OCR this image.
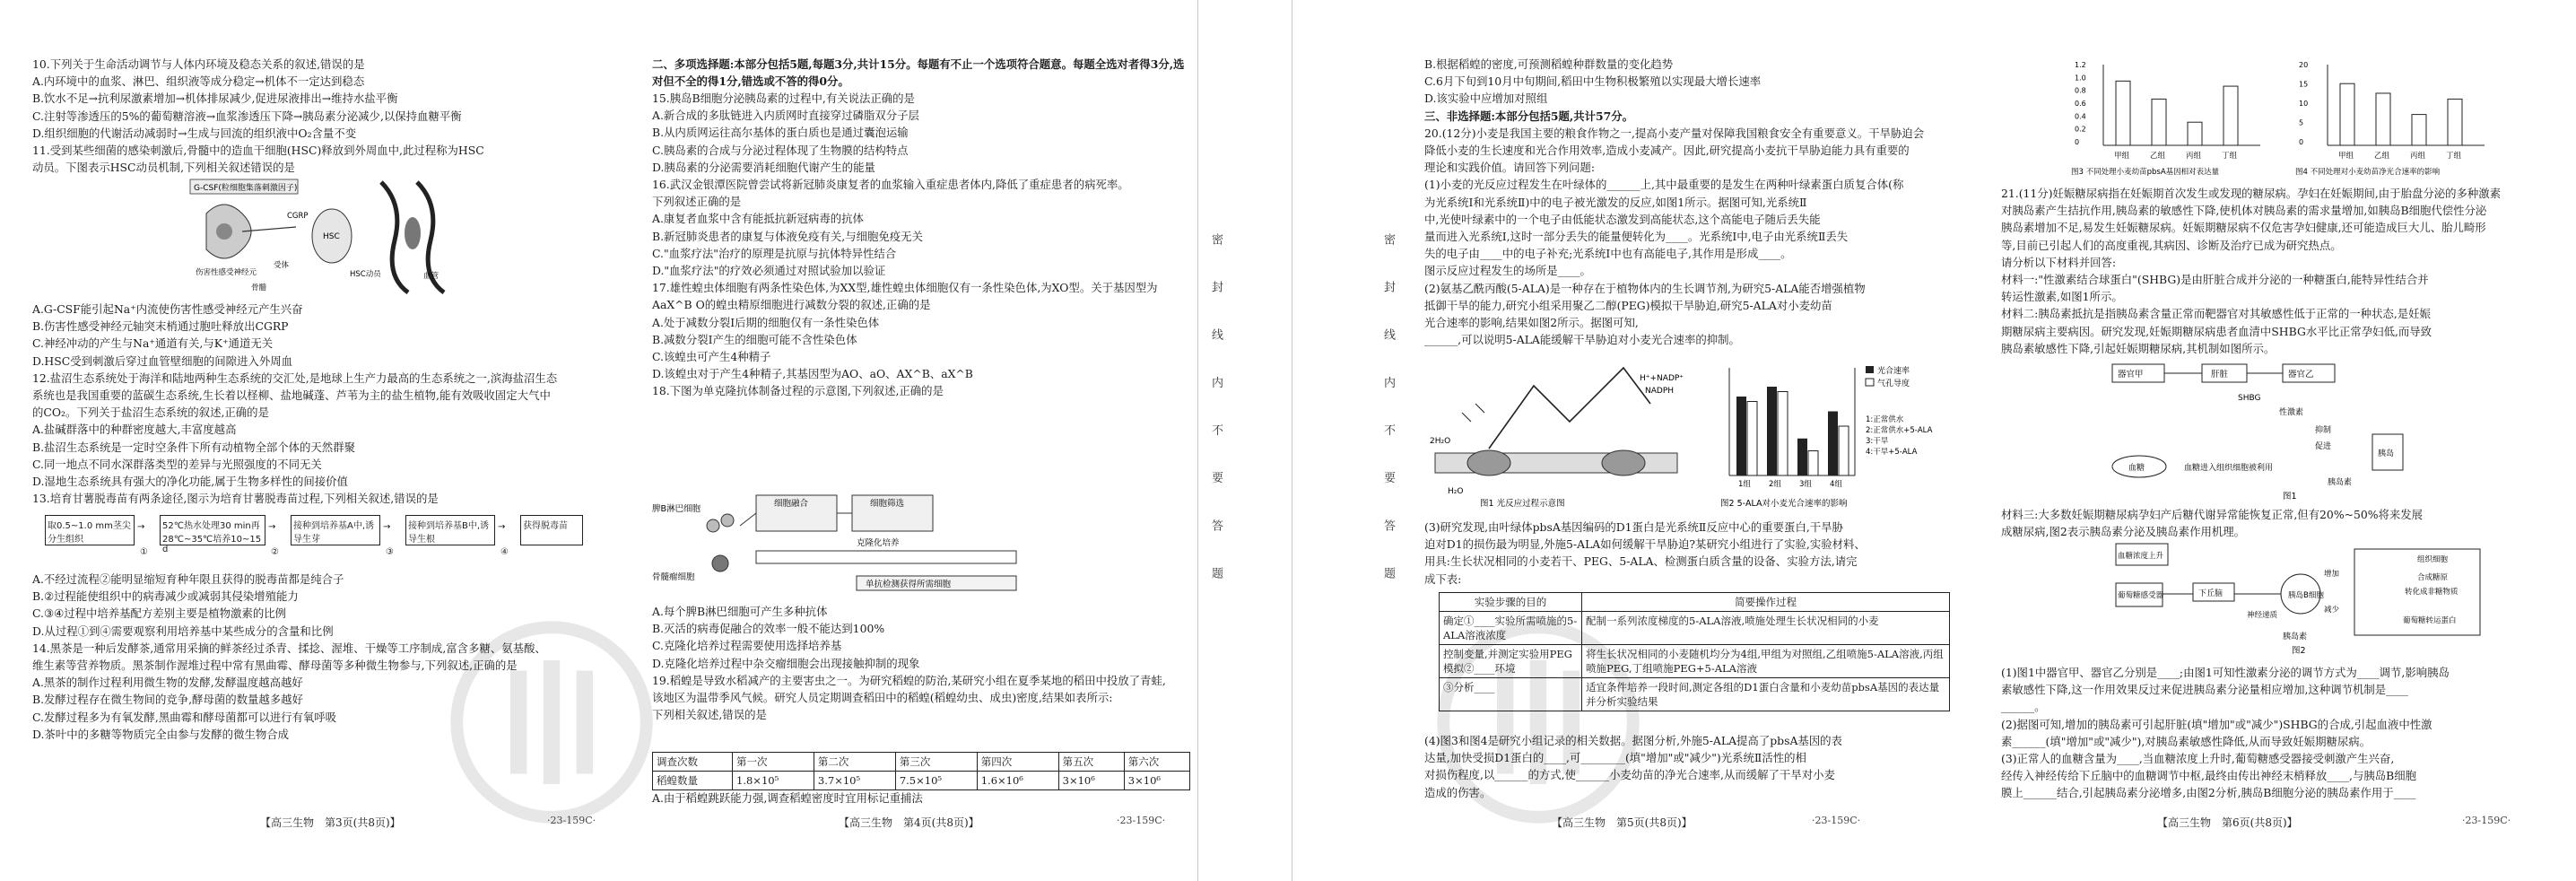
10.下列关于生命活动调节与人体内环境及稳态关系的叙述,错误的是

A.内环境中的血浆、淋巴、组织液等成分稳定→机体不一定达到稳态

B.饮水不足→抗利尿激素增加→机体排尿减少,促进尿液排出→维持水盐平衡

C.注射等渗透压的5%的葡萄糖溶液→血浆渗透压下降→胰岛素分泌减少,以保持血糖平衡

D.组织细胞的代谢活动减弱时→生成与回流的组织液中O₂含量不变

11.受到某些细菌的感染刺激后,骨髓中的造血干细胞(HSC)释放到外周血中,此过程称为HSC

动员。下图表示HSC动员机制,下列相关叙述错误的是

G-CSF(粒细胞集落刺激因子)
伤害性感受神经元
CGRP
受体
HSC
HSC动员	血管
骨髓

A.G-CSF能引起Na⁺内流使伤害性感受神经元产生兴奋

B.伤害性感受神经元轴突末梢通过胞吐释放出CGRP

C.神经冲动的产生与Na⁺通道有关,与K⁺通道无关

D.HSC受到刺激后穿过血管壁细胞的间隙进入外周血

12.盐沼生态系统处于海洋和陆地两种生态系统的交汇处,是地球上生产力最高的生态系统之一,滨海盐沼生态

系统也是我国重要的蓝碳生态系统,生长着以柽柳、盐地碱蓬、芦苇为主的盐生植物,能有效吸收固定大气中

的CO₂。下列关于盐沼生态系统的叙述,正确的是

A.盐碱群落中的种群密度越大,丰富度越高

B.盐沼生态系统是一定时空条件下所有动植物全部个体的天然群聚

C.同一地点不同水深群落类型的差异与光照强度的不同无关

D.湿地生态系统具有强大的净化功能,属于生物多样性的间接价值

13.培育甘薯脱毒苗有两条途径,图示为培育甘薯脱毒苗过程,下列相关叙述,错误的是

取0.5~1.0 mm茎尖分生组织
52℃热水处理30 min再28℃~35℃培养10~15 d
接种到培养基A中,诱导生芽
接种到培养基B中,诱导生根
获得脱毒苗
→	→	→	→
①	②	③	④

A.不经过流程②能明显缩短育种年限且获得的脱毒苗都是纯合子

B.②过程能使组织中的病毒减少或减弱其侵染增殖能力

C.③④过程中培养基配方差别主要是植物激素的比例

D.从过程①到④需要观察利用培养基中某些成分的含量和比例

14.黑茶是一种后发酵茶,通常用采摘的鲜茶经过杀青、揉捻、渥堆、干燥等工序制成,富含多糖、氨基酸、

维生素等营养物质。黑茶制作渥堆过程中常有黑曲霉、酵母菌等多种微生物参与,下列叙述,正确的是

A.黑茶的制作过程利用微生物的发酵,发酵温度越高越好

B.发酵过程存在微生物间的竞争,酵母菌的数量越多越好

C.发酵过程多为有氧发酵,黑曲霉和酵母菌都可以进行有氧呼吸

D.茶叶中的多糖等物质完全由参与发酵的微生物合成

【高三生物　第3页(共8页)】	·23-159C·
二、多项选择题:本部分包括5题,每题3分,共计15分。每题有不止一个选项符合题意。每题全选对者得3分,选对但不全的得1分,错选或不答的得0分。

15.胰岛B细胞分泌胰岛素的过程中,有关说法正确的是

A.新合成的多肽链进入内质网时直接穿过磷脂双分子层

B.从内质网运往高尔基体的蛋白质也是通过囊泡运输

C.胰岛素的合成与分泌过程体现了生物膜的结构特点

D.胰岛素的分泌需要消耗细胞代谢产生的能量

16.武汉金银潭医院曾尝试将新冠肺炎康复者的血浆输入重症患者体内,降低了重症患者的病死率。

下列叙述正确的是

A.康复者血浆中含有能抵抗新冠病毒的抗体

B.新冠肺炎患者的康复与体液免疫有关,与细胞免疫无关

C."血浆疗法"治疗的原理是抗原与抗体特异性结合

D."血浆疗法"的疗效必须通过对照试验加以验证

17.雄性蝗虫体细胞有两条性染色体,为XX型,雄性蝗虫体细胞仅有一条性染色体,为XO型。关于基因型为

AaX^B O的蝗虫精原细胞进行减数分裂的叙述,正确的是

A.处于减数分裂Ⅰ后期的细胞仅有一条性染色体

B.减数分裂Ⅰ产生的细胞可能不含性染色体

C.该蝗虫可产生4种精子

D.该蝗虫对于产生4种精子,其基因型为AO、aO、AX^B、aX^B

18.下图为单克隆抗体制备过程的示意图,下列叙述,正确的是

脾B淋巴细胞
骨髓瘤细胞
细胞融合	细胞筛选
克隆化培养
单抗检测获得所需细胞

A.每个脾B淋巴细胞可产生多种抗体

B.灭活的病毒促融合的效率一般不能达到100%

C.克隆化培养过程需要使用选择培养基

D.克隆化培养过程中杂交瘤细胞会出现接触抑制的现象

19.稻蝗是导致水稻减产的主要害虫之一。为研究稻蝗的防治,某研究小组在夏季某地的稻田中投放了青蛙,

该地区为温带季风气候。研究人员定期调查稻田中的稻蝗(稻蝗幼虫、成虫)密度,结果如表所示:

下列相关叙述,错误的是

调查次数	第一次	第二次	第三次	第四次	第五次	第六次
稻蝗数量	1.8×10⁵	3.7×10⁵	7.5×10⁵	1.6×10⁶	3×10⁶	3×10⁶

A.由于稻蝗跳跃能力强,调查稻蝗密度时宜用标记重捕法

【高三生物　第4页(共8页)】	·23-159C·
密 封 线 内 不 要 答 题
密 封 线 内 不 要 答 题

B.根据稻蝗的密度,可预测稻蝗种群数量的变化趋势

C.6月下旬到10月中旬期间,稻田中生物积极繁殖以实现最大增长速率

D.该实验中应增加对照组

三、非选择题:本部分包括5题,共计57分。

20.(12分)小麦是我国主要的粮食作物之一,提高小麦产量对保障我国粮食安全有重要意义。干旱胁迫会

降低小麦的生长速度和光合作用效率,造成小麦减产。因此,研究提高小麦抗干旱胁迫能力具有重要的

理论和实践价值。请回答下列问题:

(1)小麦的光反应过程发生在叶绿体的______上,其中最重要的是发生在两种叶绿素蛋白质复合体(称

为光系统Ⅰ和光系统Ⅱ)中的电子被光激发的反应,如图1所示。据图可知,光系统Ⅱ

中,光使叶绿素中的一个电子由低能状态激发到高能状态,这个高能电子随后丢失能

量而进入光系统Ⅰ,这时一部分丢失的能量便转化为____。光系统Ⅰ中,电子由光系统Ⅱ丢失

失的电子由____中的电子补充;光系统Ⅰ中也有高能电子,其作用是形成____。

图示反应过程发生的场所是____。

(2)氨基乙酰丙酸(5-ALA)是一种存在于植物体内的生长调节剂,为研究5-ALA能否增强植物

抵御干旱的能力,研究小组采用聚乙二醇(PEG)模拟干旱胁迫,研究5-ALA对小麦幼苗

光合速率的影响,结果如图2所示。据图可知,

______,可以说明5-ALA能缓解干旱胁迫对小麦光合速率的抑制。

2H₂O
H₂O
H⁺+NADP⁺
NADPH
图1 光反应过程示意图
光合速率
气孔导度
1:正常供水
2:正常供水+5-ALA
3:干旱
4:干旱+5-ALA
1组 2组 3组 4组
图2 5-ALA对小麦光合速率的影响

(3)研究发现,由叶绿体pbsA基因编码的D1蛋白是光系统Ⅱ反应中心的重要蛋白,干旱胁

迫对D1的损伤最为明显,外施5-ALA如何缓解干旱胁迫?某研究小组进行了实验,实验材料、

用具:生长状况相同的小麦若干、PEG、5-ALA、检测蛋白质含量的设备、实验方法,请完

成下表:

实验步骤的目的	简要操作过程
确定①____实验所需喷施的5-ALA溶液浓度	配制一系列浓度梯度的5-ALA溶液,喷施处理生长状况相同的小麦
控制变量,并测定实验用PEG模拟②____环境	将生长状况相同的小麦随机均分为4组,甲组为对照组,乙组喷施5-ALA溶液,丙组喷施PEG,丁组喷施PEG+5-ALA溶液
③分析____	适宜条件培养一段时间,测定各组的D1蛋白含量和小麦幼苗pbsA基因的表达量并分析实验结果

(4)图3和图4是研究小组记录的相关数据。据图分析,外施5-ALA提高了pbsA基因的表

达量,加快受损D1蛋白的____,可________(填"增加"或"减少")光系统Ⅱ活性的相

对损伤程度,以______的方式,使______小麦幼苗的净光合速率,从而缓解了干旱对小麦

造成的伤害。

【高三生物　第5页(共8页)】	·23-159C·
1.2
1.0
0.8
0.6
0.4
0.2
0
甲组	乙组	丙组	丁组
图3 不同处理小麦幼苗pbsA基因相对表达量
20
15
10
5
0
甲组	乙组	丙组	丁组
图4 不同处理对小麦幼苗净光合速率的影响

21.(11分)妊娠糖尿病指在妊娠期首次发生或发现的糖尿病。孕妇在妊娠期间,由于胎盘分泌的多种激素

对胰岛素产生拮抗作用,胰岛素的敏感性下降,使机体对胰岛素的需求量增加,如胰岛B细胞代偿性分泌

胰岛素增加不足,易发生妊娠糖尿病。妊娠期糖尿病不仅危害孕妇健康,还可能造成巨大儿、胎儿畸形

等,目前已引起人们的高度重视,其病因、诊断及治疗已成为研究热点。

请分析以下材料并回答:

材料一:"性激素结合球蛋白"(SHBG)是由肝脏合成并分泌的一种糖蛋白,能特异性结合并

转运性激素,如图1所示。

材料二:胰岛素抵抗是指胰岛素含量正常而靶器官对其敏感性低于正常的一种状态,是妊娠

期糖尿病主要病因。研究发现,妊娠期糖尿病患者血清中SHBG水平比正常孕妇低,而导致

胰岛素敏感性下降,引起妊娠期糖尿病,其机制如图所示。

器官甲	肝脏	器官乙
SHBG
性激素
抑制
促进
血糖	血糖进入组织细胞被利用
胰岛
胰岛素
图1

材料三:大多数妊娠期糖尿病孕妇产后糖代谢异常能恢复正常,但有20%~50%将来发展

成糖尿病,图2表示胰岛素分泌及胰岛素作用机理。

血糖浓度上升
葡萄糖感受器	下丘脑
神经递质
胰岛B细胞
胰岛素
组织细胞
合成糖原
转化成非糖物质
增加
减少
葡萄糖转运蛋白
图2

(1)图1中器官甲、器官乙分别是____;由图1可知性激素分泌的调节方式为____调节,影响胰岛

素敏感性下降,这一作用效果反过来促进胰岛素分泌量相应增加,这种调节机制是____

______。

(2)据图可知,增加的胰岛素可引起肝脏(填"增加"或"减少")SHBG的合成,引起血液中性激

素______(填"增加"或"减少"),对胰岛素敏感性降低,从而导致妊娠期糖尿病。

(3)正常人的血糖含量为____,当血糖浓度上升时,葡萄糖感受器接受刺激产生兴奋,

经传入神经传给下丘脑中的血糖调节中枢,最终由传出神经末梢释放____,与胰岛B细胞

膜上______结合,引起胰岛素分泌增多,由图2分析,胰岛B细胞分泌的胰岛素作用于____

【高三生物　第6页(共8页)】	·23-159C·
